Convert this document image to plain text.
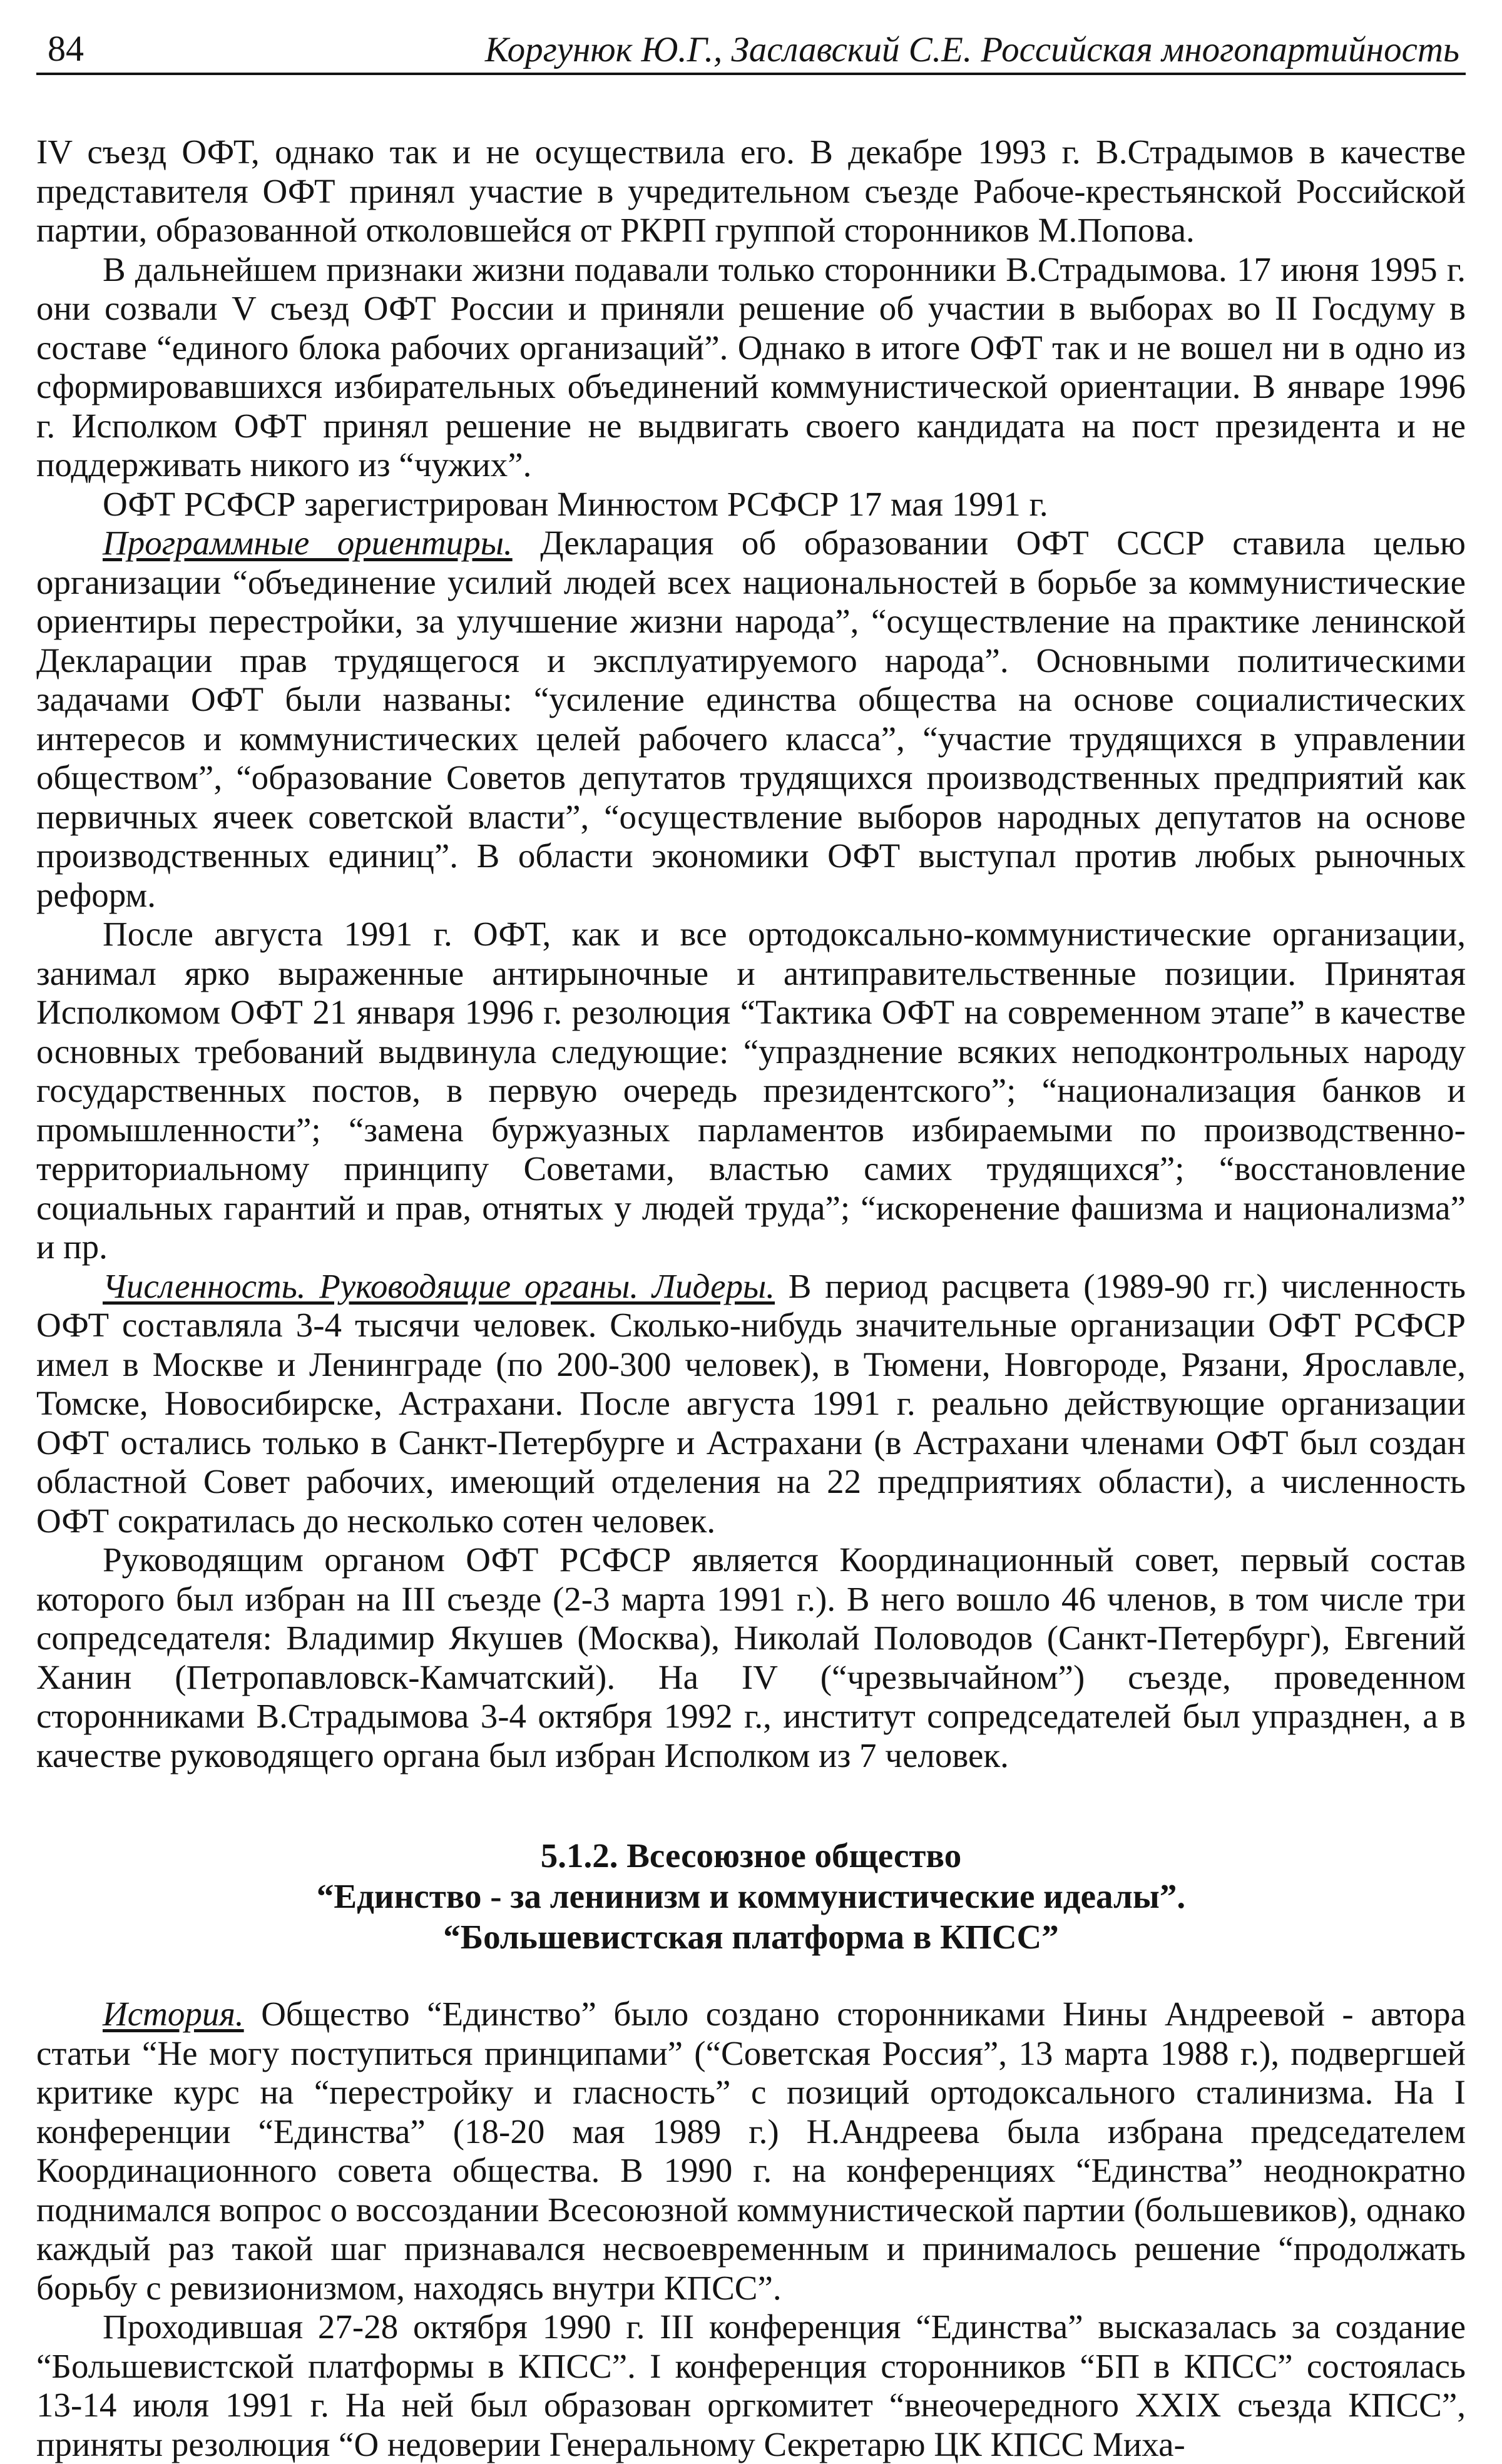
84	Коргунюк Ю.Г., Заславский С.Е. Российская многопартийность

IV съезд ОФТ, однако так и не осуществила его. В декабре 1993 г. В.Страдымов в качестве представителя ОФТ принял участие в учредительном съезде Рабоче-крестьянской Российской партии, образованной отколовшейся от РКРП группой сторонников М.Попова.

В дальнейшем признаки жизни подавали только сторонники В.Страдымова. 17 июня 1995 г. они созвали V съезд ОФТ России и приняли решение об участии в выборах во II Госдуму в составе “единого блока рабочих организаций”. Однако в итоге ОФТ так и не вошел ни в одно из сформировавшихся избирательных объединений коммунистической ориентации. В январе 1996 г. Исполком ОФТ принял решение не выдвигать своего кандидата на пост президента и не поддерживать никого из “чужих”.

ОФТ РСФСР зарегистрирован Минюстом РСФСР 17 мая 1991 г.

Программные ориентиры. Декларация об образовании ОФТ СССР ставила целью организации “объединение усилий людей всех национальностей в борьбе за коммунистические ориентиры перестройки, за улучшение жизни народа”, “осуществление на практике ленинской Декларации прав трудящегося и эксплуатируемого народа”. Основными политическими задачами ОФТ были названы: “усиление единства общества на основе социалистических интересов и коммунистических целей рабочего класса”, “участие трудящихся в управлении обществом”, “образование Советов депутатов трудящихся производственных предприятий как первичных ячеек советской власти”, “осуществление выборов народных депутатов на основе производственных единиц”. В области экономики ОФТ выступал против любых рыночных реформ.

После августа 1991 г. ОФТ, как и все ортодоксально-коммунистические организации, занимал ярко выраженные антирыночные и антиправительственные позиции. Принятая Исполкомом ОФТ 21 января 1996 г. резолюция “Тактика ОФТ на современном этапе” в качестве основных требований выдвинула следующие: “упразднение всяких неподконтрольных народу государственных постов, в первую очередь президентского”; “национализация банков и промышленности”; “замена буржуазных парламентов избираемыми по производственно-территориальному принципу Советами, властью самих трудящихся”; “восстановление социальных гарантий и прав, отнятых у людей труда”; “искоренение фашизма и национализма” и пр.

Численность. Руководящие органы. Лидеры. В период расцвета (1989-90 гг.) численность ОФТ составляла 3-4 тысячи человек. Сколько-нибудь значительные организации ОФТ РСФСР имел в Москве и Ленинграде (по 200-300 человек), в Тюмени, Новгороде, Рязани, Ярославле, Томске, Новосибирске, Астрахани. После августа 1991 г. реально действующие организации ОФТ остались только в Санкт-Петербурге и Астрахани (в Астрахани членами ОФТ был создан областной Совет рабочих, имеющий отделения на 22 предприятиях области), а численность ОФТ сократилась до несколько сотен человек.

Руководящим органом ОФТ РСФСР является Координационный совет, первый состав которого был избран на III съезде (2-3 марта 1991 г.). В него вошло 46 членов, в том числе три сопредседателя: Владимир Якушев (Москва), Николай Половодов (Санкт-Петербург), Евгений Ханин (Петропавловск-Камчатский). На IV (“чрезвычайном”) съезде, проведенном сторонниками В.Страдымова 3-4 октября 1992 г., институт сопредседателей был упразднен, а в качестве руководящего органа был избран Исполком из 7 человек.

5.1.2. Всесоюзное общество
“Единство - за ленинизм и коммунистические идеалы”.
“Большевистская платформа в КПСС”

История. Общество “Единство” было создано сторонниками Нины Андреевой - автора статьи “Не могу поступиться принципами” (“Советская Россия”, 13 марта 1988 г.), подвергшей критике курс на “перестройку и гласность” с позиций ортодоксального сталинизма. На I конференции “Единства” (18-20 мая 1989 г.) Н.Андреева была избрана председателем Координационного совета общества. В 1990 г. на конференциях “Единства” неоднократно поднимался вопрос о воссоздании Всесоюзной коммунистической партии (большевиков), однако каждый раз такой шаг признавался несвоевременным и принималось решение “продолжать борьбу с ревизионизмом, находясь внутри КПСС”.

Проходившая 27-28 октября 1990 г. III конференция “Единства” высказалась за создание “Большевистской платформы в КПСС”. I конференция сторонников “БП в КПСС” состоялась 13-14 июля 1991 г. На ней был образован оргкомитет “внеочередного XXIX съезда КПСС”, приняты резолюция “О недоверии Генеральному Секретарю ЦК КПСС Миха-
